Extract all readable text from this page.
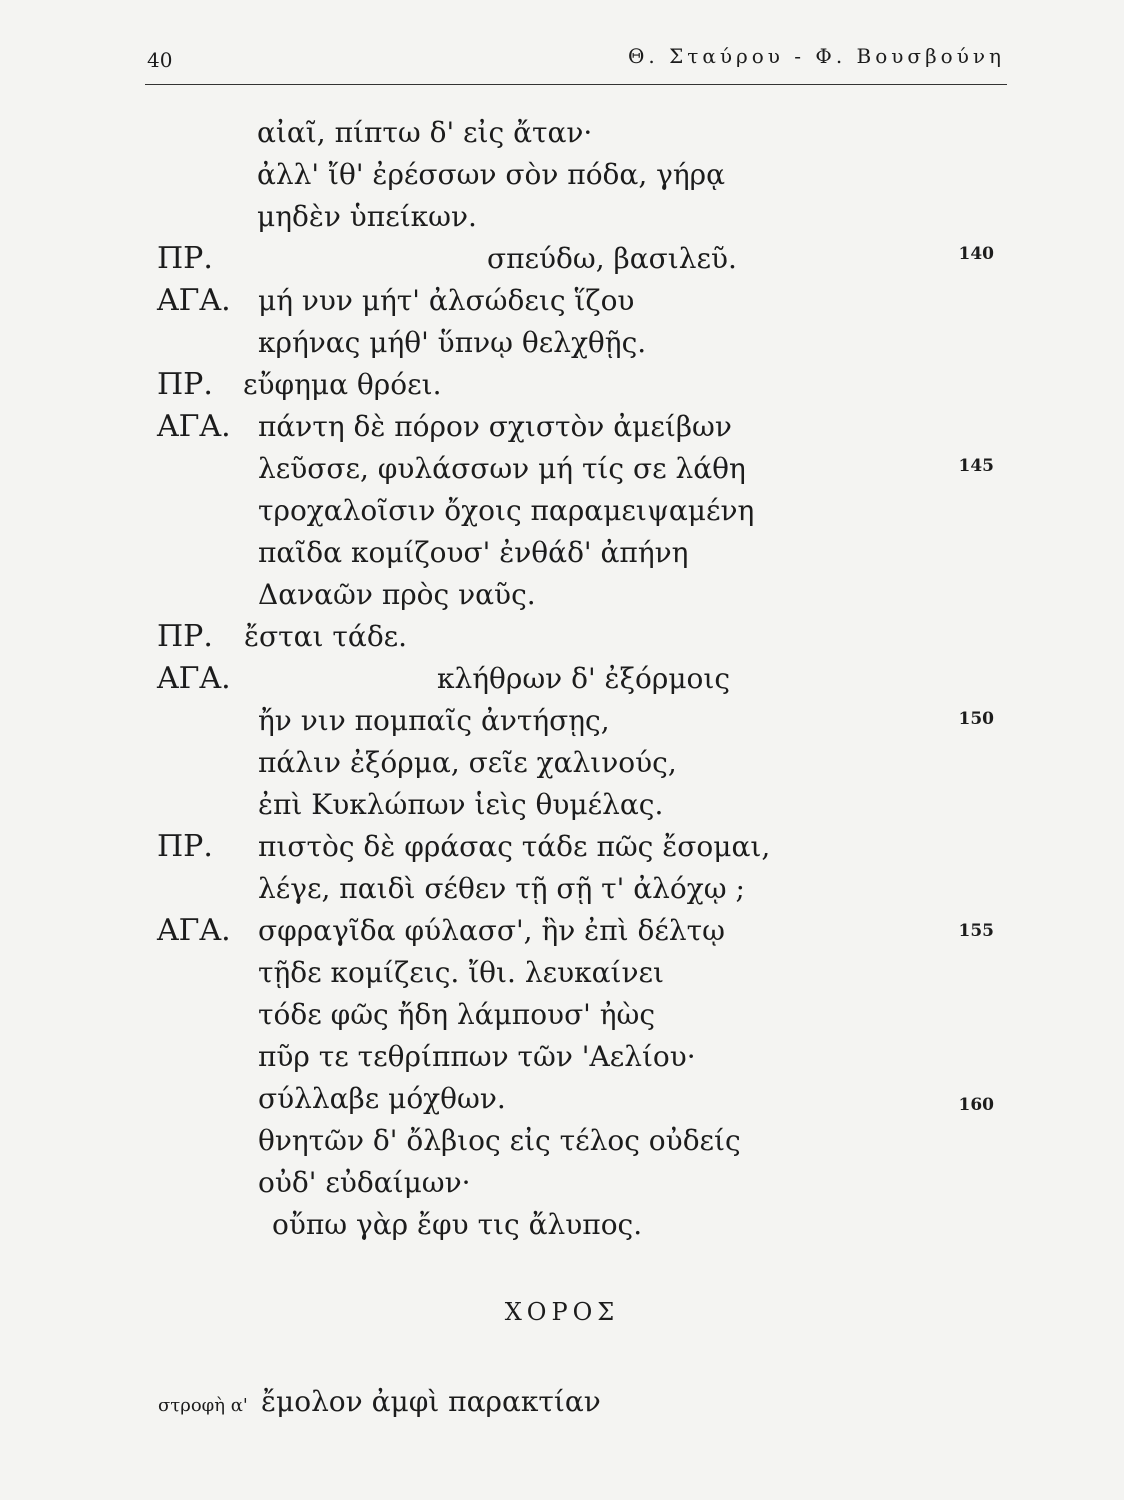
40	Θ. Σταύρου - Φ. Βουσβούνη
αἰαῖ, πίπτω δ' εἰς ἄταν·
ἀλλ' ἴθ' ἐρέσσων σὸν πόδα, γήρᾳ
μηδὲν ὑπείκων.
ΠΡ.	σπεύδω, βασιλεῦ.	140
ΑΓΑ. μή νυν μήτ' ἀλσώδεις ἵζου
κρήνας μήθ' ὕπνῳ θελχθῇς.
ΠΡ. εὔφημα θρόει.
ΑΓΑ. πάντη δὲ πόρον σχιστὸν ἀμείβων
λεῦσσε, φυλάσσων μή τίς σε λάθη	145
τροχαλοῖσιν ὄχοις παραμειψαμένη
παῖδα κομίζουσ' ἐνθάδ' ἀπήνη
Δαναῶν πρὸς ναῦς.
ΠΡ. ἔσται τάδε.
ΑΓΑ.	κλήθρων δ' ἐξόρμοις
ἤν νιν πομπαῖς ἀντήσῃς,	150
πάλιν ἐξόρμα, σεῖε χαλινούς,
ἐπὶ Κυκλώπων ἱεὶς θυμέλας.
ΠΡ. πιστὸς δὲ φράσας τάδε πῶς ἔσομαι,
λέγε, παιδὶ σέθεν τῇ σῇ τ' ἀλόχῳ ;
ΑΓΑ. σφραγῖδα φύλασσ', ἣν ἐπὶ δέλτῳ	155
τῇδε κομίζεις. ἴθι. λευκαίνει
τόδε φῶς ἤδη λάμπουσ' ἠὼς
πῦρ τε τεθρίππων τῶν 'Αελίου·
σύλλαβε μόχθων.	160
θνητῶν δ' ὄλβιος εἰς τέλος οὐδείς
οὐδ' εὐδαίμων·
οὔπω γὰρ ἔφυ τις ἄλυπος.
ΧΟΡΟΣ
στροφὴ α' ἔμολον ἀμφὶ παρακτίαν
